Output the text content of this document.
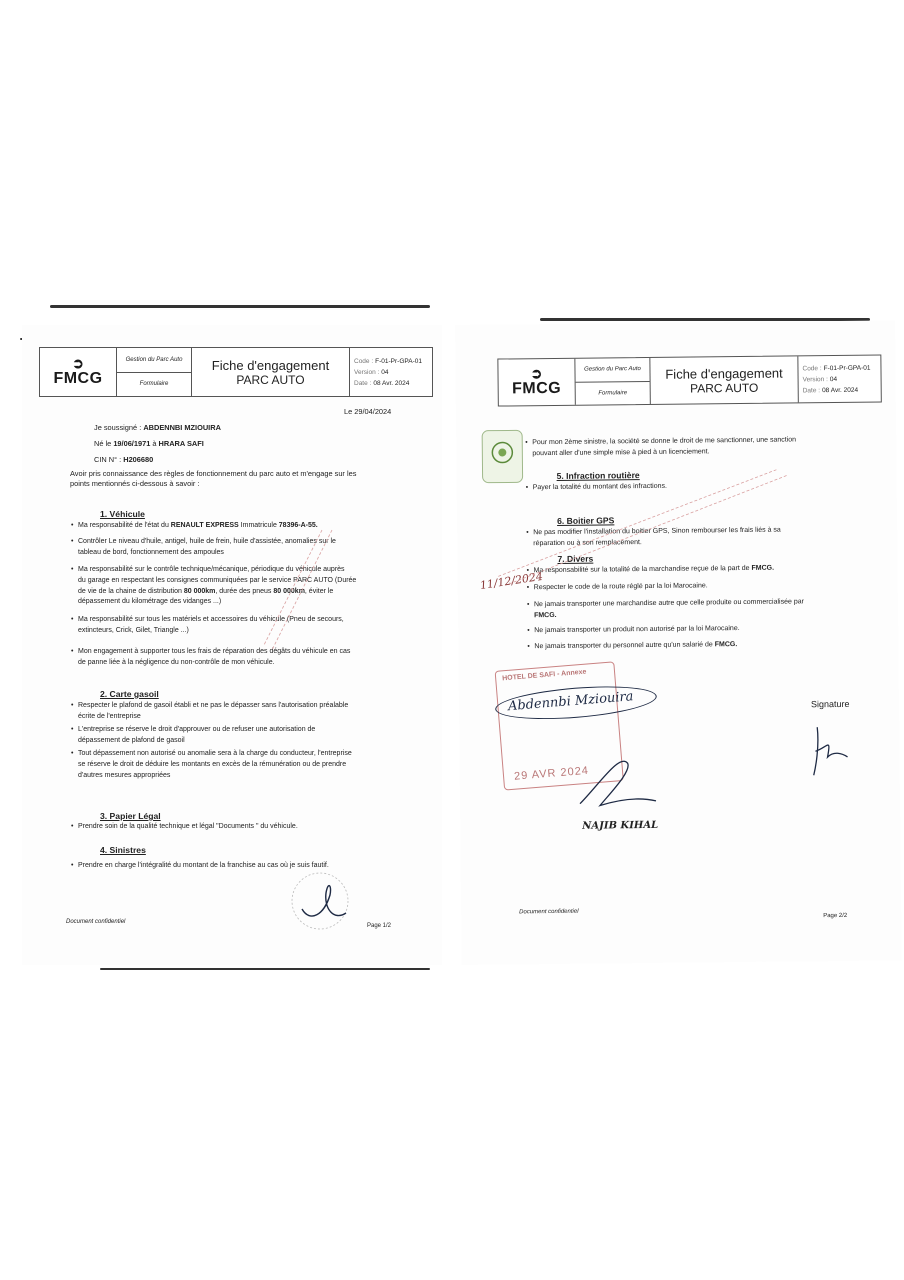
➲
FMCG
Gestion du Parc Auto
Formulaire
Fiche d'engagement
PARC AUTO
Code : F-01-Pr-GPA-01
Version : 04
Date : 08 Avr. 2024
Le 29/04/2024
Je soussigné : ABDENNBI MZIOUIRA
Né le 19/06/1971 à HRARA SAFI
CIN N° : H206680
Avoir pris connaissance des règles de fonctionnement du parc auto et m'engage sur les
points mentionnés ci-dessous à savoir :
1. Véhicule
• Ma responsabilité de l'état du RENAULT EXPRESS Immatricule 78396-A-55.
• Contrôler Le niveau d'huile, antigel, huile de frein, huile d'assistée, anomalies sur le
tableau de bord, fonctionnement des ampoules
• Ma responsabilité sur le contrôle technique/mécanique, périodique du véhicule auprès
du garage en respectant les consignes communiquées par le service PARC AUTO (Durée
de vie de la chaine de distribution 80 000km, durée des pneus 80 000km, éviter le
dépassement du kilométrage des vidanges ...)
• Ma responsabilité sur tous les matériels et accessoires du véhicule (Pneu de secours,
extincteurs, Crick, Gilet, Triangle ...)
• Mon engagement à supporter tous les frais de réparation des dégâts du véhicule en cas
de panne liée à la négligence du non-contrôle de mon véhicule.
2. Carte gasoil
• Respecter le plafond de gasoil établi et ne pas le dépasser sans l'autorisation préalable
écrite de l'entreprise
• L'entreprise se réserve le droit d'approuver ou de refuser une autorisation de
dépassement de plafond de gasoil
• Tout dépassement non autorisé ou anomalie sera à la charge du conducteur, l'entreprise
se réserve le droit de déduire les montants en excès de la rémunération ou de prendre
d'autres mesures appropriées
3. Papier Légal
• Prendre soin de la qualité technique et légal "Documents " du véhicule.
4. Sinistres
• Prendre en charge l'intégralité du montant de la franchise au cas où je suis fautif.
Document confidentiel
Page 1/2
➲
FMCG
Gestion du Parc Auto
Formulaire
Fiche d'engagement
PARC AUTO
Code : F-01-Pr-GPA-01
Version : 04
Date : 08 Avr. 2024
• Pour mon 2ème sinistre, la société se donne le droit de me sanctionner, une sanction
pouvant aller d'une simple mise à pied à un licenciement.
5. Infraction routière
• Payer la totalité du montant des infractions.
6. Boitier GPS
• Ne pas modifier l'installation du boitier GPS, Sinon rembourser les frais liés à sa
réparation ou à son remplacement.
7. Divers
• Ma responsabilité sur la totalité de la marchandise reçue de la part de FMCG.
• Respecter le code de la route réglé par la loi Marocaine.
• Ne jamais transporter une marchandise autre que celle produite ou commercialisée par
FMCG.
• Ne jamais transporter un produit non autorisé par la loi Marocaine.
• Ne jamais transporter du personnel autre qu'un salarié de FMCG.
11/12/2024
HOTEL DE SAFI - Annexe
29 AVR 2024
Abdennbi Mziouira
NAJIB KIHAL
Signature
Document confidentiel
Page 2/2
